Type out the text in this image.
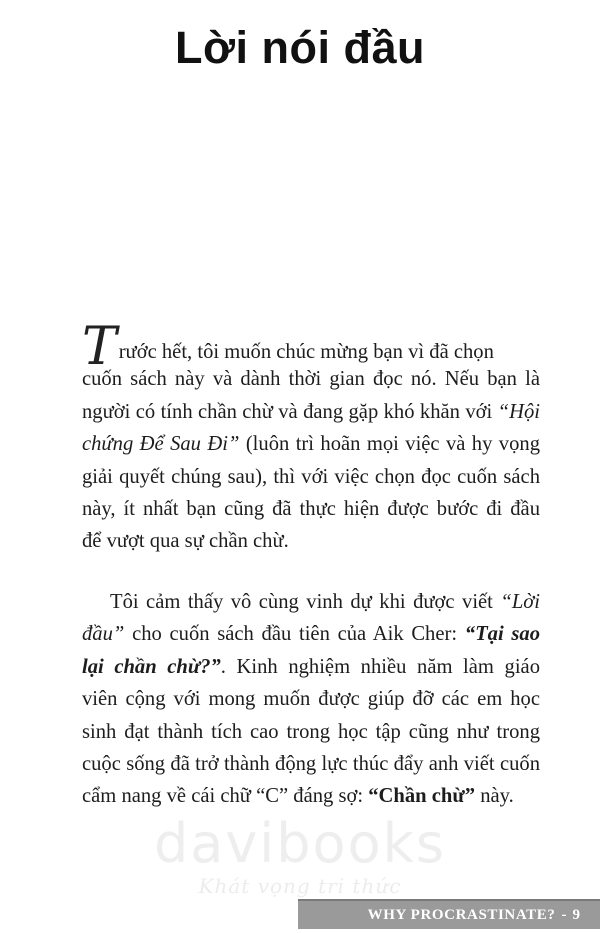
Lời nói đầu
Trước hết, tôi muốn chúc mừng bạn vì đã chọn
cuốn sách này và dành thời gian đọc nó. Nếu bạn là
người có tính chần chừ và đang gặp khó khăn với “Hội
chứng Để Sau Đi” (luôn trì hoãn mọi việc và hy vọng
giải quyết chúng sau), thì với việc chọn đọc cuốn sách
này, ít nhất bạn cũng đã thực hiện được bước đi đầu
để vượt qua sự chần chừ.
Tôi cảm thấy vô cùng vinh dự khi được viết “Lời
đầu” cho cuốn sách đầu tiên của Aik Cher: “Tại sao
lại chần chừ?”. Kinh nghiệm nhiều năm làm giáo
viên cộng với mong muốn được giúp đỡ các em học
sinh đạt thành tích cao trong học tập cũng như trong
cuộc sống đã trở thành động lực thúc đẩy anh viết cuốn
cẩm nang về cái chữ “C” đáng sợ: “Chần chừ” này.
davibooks
Khát vọng tri thức
WHY PROCRASTINATE? - 9
